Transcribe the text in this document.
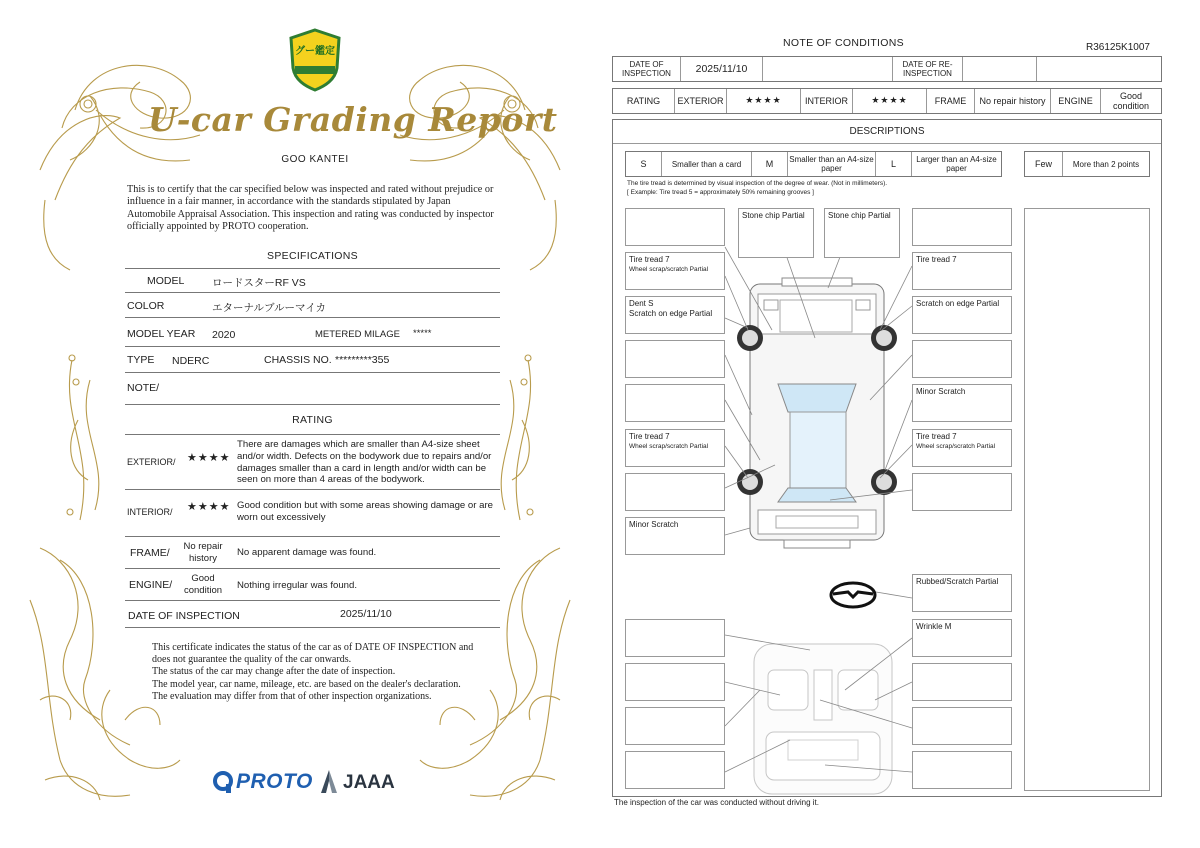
グー鑑定
U-car Grading Report
GOO KANTEI
This is to certify that the car specified below was inspected and rated without prejudice or influence in a fair manner, in accordance with the standards stipulated by Japan Automobile Appraisal Association. This inspection and rating was conducted by inspector officially appointed by PROTO cooperation.
SPECIFICATIONS
MODEL	ロードスターRF VS
COLOR	エターナルブルーマイカ
MODEL YEAR 2020	METERED MILAGE *****
TYPE NDERC	CHASSIS NO. *********355
NOTE/
RATING
EXTERIOR/ ★★★★
There are damages which are smaller than A4-size sheet and/or width. Defects on the bodywork due to repairs and/or damages smaller than a card in length and/or width can be seen on more than 4 areas of the bodywork.
INTERIOR/ ★★★★ Good condition but with some areas showing damage or are worn out excessively
FRAME/
No repair history	No apparent damage was found.
ENGINE/
Good condition	Nothing irregular was found.
DATE OF INSPECTION	2025/11/10
This certificate indicates the status of the car as of DATE OF INSPECTION and does not guarantee the quality of the car onwards.
The status of the car may change after the date of inspection.
The model year, car name, mileage, etc. are based on the dealer's declaration.
The evaluation may differ from that of other inspection organizations.
PROTO JAAA
NOTE OF CONDITIONS	R36125K1007
DATE OF INSPECTION	2025/11/10	DATE OF RE-INSPECTION
RATING	EXTERIOR	★★★★	INTERIOR	★★★★	FRAME	No repair history	ENGINE	Good condition
DESCRIPTIONS
S	Smaller than a card	M	Smaller than an A4-size paper	L	Larger than an A4-size paper	Few	More than 2 points
The tire tread is determined by visual inspection of the degree of wear. (Not in millimeters).
[ Example: Tire tread 5 = approximately 50% remaining grooves ]
Tire tread 7
Wheel scrap/scratch Partial
Dent S
Scratch on edge Partial
Tire tread 7
Wheel scrap/scratch Partial
Minor Scratch
Stone chip Partial	Stone chip Partial
Tire tread 7
Scratch on edge Partial
Minor Scratch
Tire tread 7
Wheel scrap/scratch Partial
Rubbed/Scratch Partial
Wrinkle M
The inspection of the car was conducted without driving it.
